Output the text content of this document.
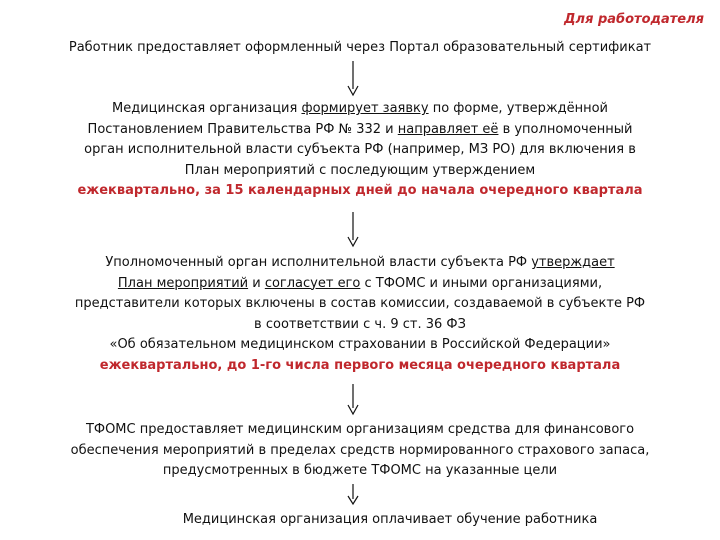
Для работодателя
Работник предоставляет оформленный через Портал образовательный сертификат
Медицинская организация формирует заявку по форме, утверждённой
Постановлением Правительства РФ № 332 и направляет её в уполномоченный
орган исполнительной власти субъекта РФ (например, МЗ РО) для включения в
План мероприятий с последующим утверждением
ежеквартально, за 15 календарных дней до начала очередного квартала
Уполномоченный орган исполнительной власти субъекта РФ утверждает
План мероприятий и согласует его с ТФОМС и иными организациями,
представители которых включены в состав комиссии, создаваемой в субъекте РФ
в соответствии с ч. 9 ст. 36 ФЗ
«Об обязательном медицинском страховании в Российской Федерации»
ежеквартально, до 1-го числа первого месяца очередного квартала
ТФОМС предоставляет медицинским организациям средства для финансового
обеспечения мероприятий в пределах средств нормированного страхового запаса,
предусмотренных в бюджете ТФОМС на указанные цели
Медицинская организация оплачивает обучение работника
